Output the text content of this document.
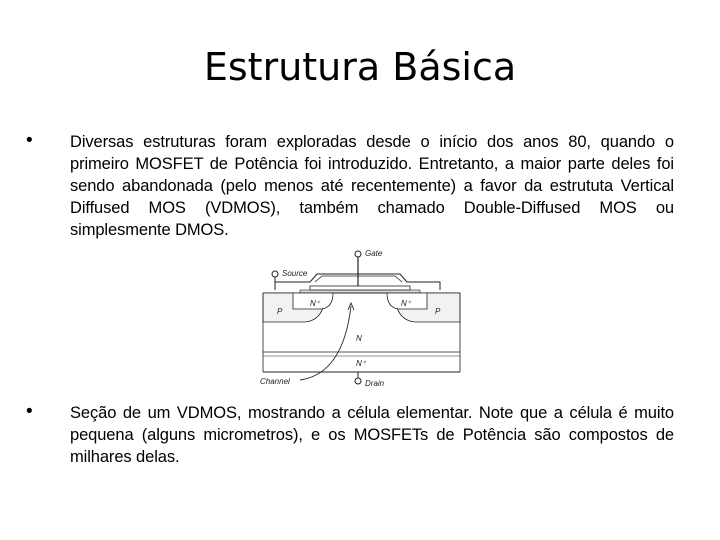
Estrutura Básica
• Diversas estruturas foram exploradas desde o início dos anos 80, quando o primeiro MOSFET de Potência foi introduzido. Entretanto, a maior parte deles foi sendo abandonada (pelo menos até recentemente) a favor da estrututa Vertical Diffused MOS (VDMOS), também chamado Double-Diffused MOS ou simplesmente DMOS.
Gate
Source
N⁺	N⁺
P	P
N
N⁺
Drain
Channel
• Seção de um VDMOS, mostrando a célula elementar. Note que a célula é muito pequena (alguns micrometros), e os MOSFETs de Potência são compostos de milhares delas.
